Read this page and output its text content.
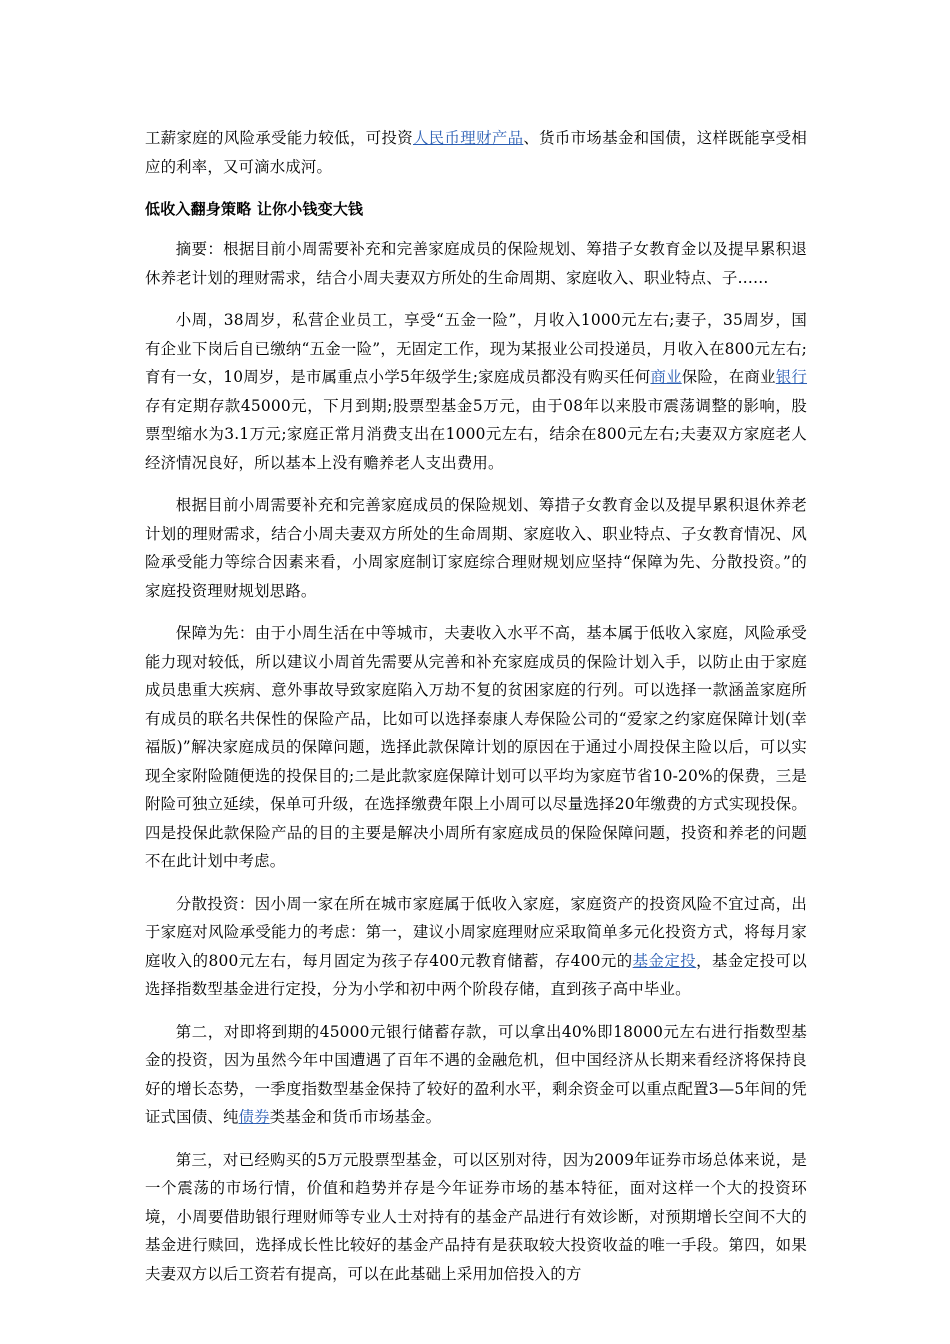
工薪家庭的风险承受能力较低，可投资人民币理财产品、货币市场基金和国债，这样既能享受相应的利率，又可滴水成河。

低收入翻身策略 让你小钱变大钱

摘要：根据目前小周需要补充和完善家庭成员的保险规划、筹措子女教育金以及提早累积退休养老计划的理财需求，结合小周夫妻双方所处的生命周期、家庭收入、职业特点、子……

小周，38周岁，私营企业员工，享受“五金一险”，月收入1000元左右;妻子，35周岁，国有企业下岗后自已缴纳“五金一险”，无固定工作，现为某报业公司投递员，月收入在800元左右;育有一女，10周岁，是市属重点小学5年级学生;家庭成员都没有购买任何商业保险，在商业银行存有定期存款45000元，下月到期;股票型基金5万元，由于08年以来股市震荡调整的影响，股票型缩水为3.1万元;家庭正常月消费支出在1000元左右，结余在800元左右;夫妻双方家庭老人经济情况良好，所以基本上没有赡养老人支出费用。

根据目前小周需要补充和完善家庭成员的保险规划、筹措子女教育金以及提早累积退休养老计划的理财需求，结合小周夫妻双方所处的生命周期、家庭收入、职业特点、子女教育情况、风险承受能力等综合因素来看，小周家庭制订家庭综合理财规划应坚持“保障为先、分散投资。”的家庭投资理财规划思路。

保障为先：由于小周生活在中等城市，夫妻收入水平不高，基本属于低收入家庭，风险承受能力现对较低，所以建议小周首先需要从完善和补充家庭成员的保险计划入手，以防止由于家庭成员患重大疾病、意外事故导致家庭陷入万劫不复的贫困家庭的行列。可以选择一款涵盖家庭所有成员的联名共保性的保险产品，比如可以选择泰康人寿保险公司的“爱家之约家庭保障计划(幸福版)”解决家庭成员的保障问题，选择此款保障计划的原因在于通过小周投保主险以后，可以实现全家附险随便选的投保目的;二是此款家庭保障计划可以平均为家庭节省10-20%的保费，三是附险可独立延续，保单可升级，在选择缴费年限上小周可以尽量选择20年缴费的方式实现投保。四是投保此款保险产品的目的主要是解决小周所有家庭成员的保险保障问题，投资和养老的问题不在此计划中考虑。

分散投资：因小周一家在所在城市家庭属于低收入家庭，家庭资产的投资风险不宜过高，出于家庭对风险承受能力的考虑：第一，建议小周家庭理财应采取简单多元化投资方式，将每月家庭收入的800元左右，每月固定为孩子存400元教育储蓄，存400元的基金定投，基金定投可以选择指数型基金进行定投，分为小学和初中两个阶段存储，直到孩子高中毕业。

第二，对即将到期的45000元银行储蓄存款，可以拿出40%即18000元左右进行指数型基金的投资，因为虽然今年中国遭遇了百年不遇的金融危机，但中国经济从长期来看经济将保持良好的增长态势，一季度指数型基金保持了较好的盈利水平，剩余资金可以重点配置3—5年间的凭证式国债、纯债券类基金和货币市场基金。

第三，对已经购买的5万元股票型基金，可以区别对待，因为2009年证券市场总体来说，是一个震荡的市场行情，价值和趋势并存是今年证券市场的基本特征，面对这样一个大的投资环境，小周要借助银行理财师等专业人士对持有的基金产品进行有效诊断，对预期增长空间不大的基金进行赎回，选择成长性比较好的基金产品持有是获取较大投资收益的唯一手段。第四，如果夫妻双方以后工资若有提高，可以在此基础上采用加倍投入的方
